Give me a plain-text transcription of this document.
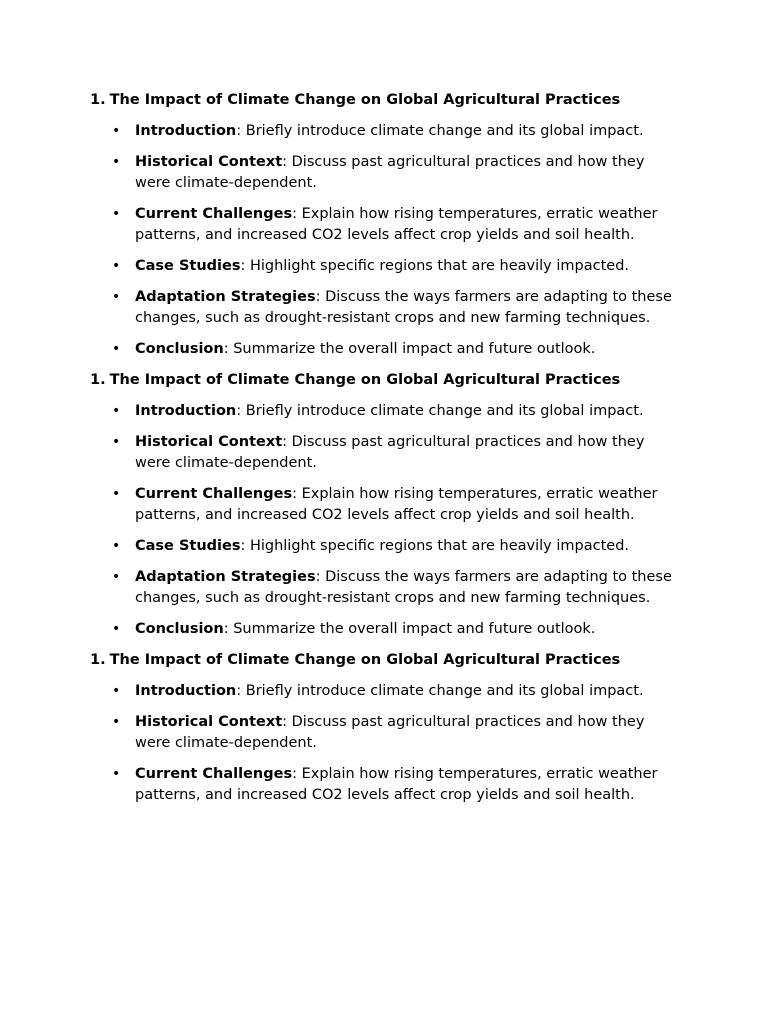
1. The Impact of Climate Change on Global Agricultural Practices
• Introduction: Briefly introduce climate change and its global impact.
• Historical Context: Discuss past agricultural practices and how they were climate-dependent.
• Current Challenges: Explain how rising temperatures, erratic weather patterns, and increased CO2 levels affect crop yields and soil health.
• Case Studies: Highlight specific regions that are heavily impacted.
• Adaptation Strategies: Discuss the ways farmers are adapting to these changes, such as drought-resistant crops and new farming techniques.
• Conclusion: Summarize the overall impact and future outlook.
1. The Impact of Climate Change on Global Agricultural Practices
• Introduction: Briefly introduce climate change and its global impact.
• Historical Context: Discuss past agricultural practices and how they were climate-dependent.
• Current Challenges: Explain how rising temperatures, erratic weather patterns, and increased CO2 levels affect crop yields and soil health.
• Case Studies: Highlight specific regions that are heavily impacted.
• Adaptation Strategies: Discuss the ways farmers are adapting to these changes, such as drought-resistant crops and new farming techniques.
• Conclusion: Summarize the overall impact and future outlook.
1. The Impact of Climate Change on Global Agricultural Practices
• Introduction: Briefly introduce climate change and its global impact.
• Historical Context: Discuss past agricultural practices and how they were climate-dependent.
• Current Challenges: Explain how rising temperatures, erratic weather patterns, and increased CO2 levels affect crop yields and soil health.
